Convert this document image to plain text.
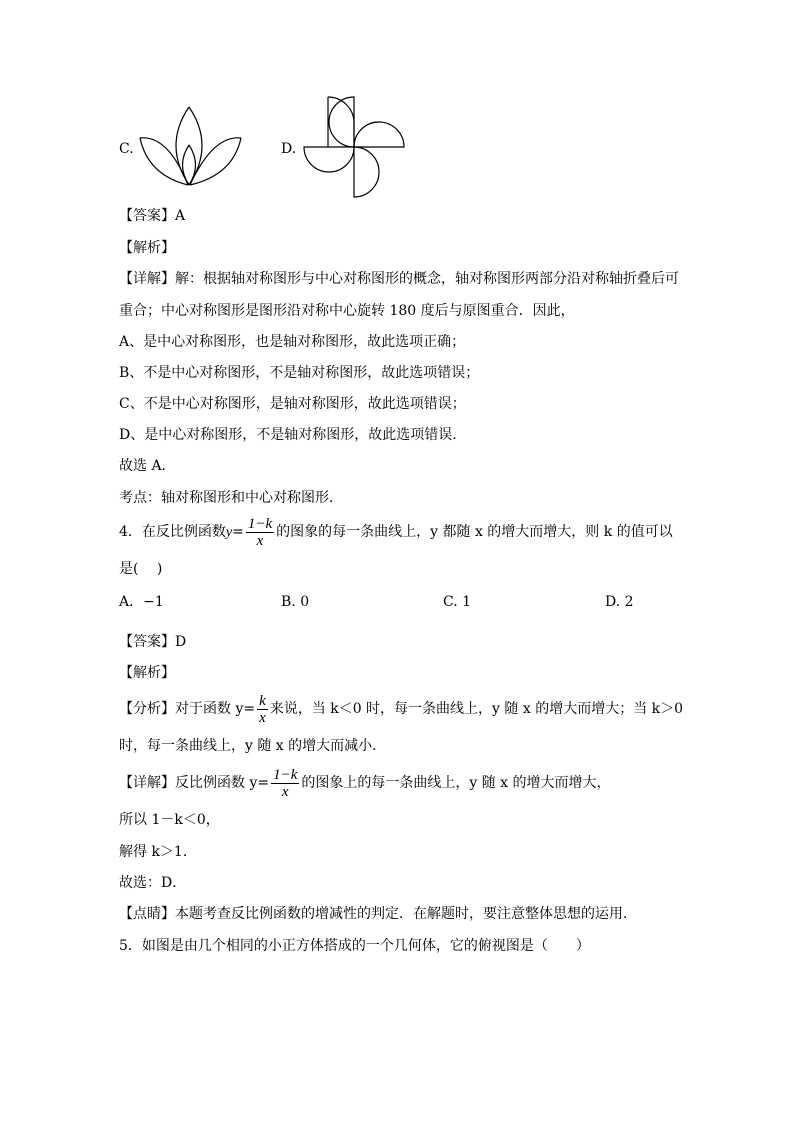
C.	D.
【答案】A
【解析】
【详解】解：根据轴对称图形与中心对称图形的概念，轴对称图形两部分沿对称轴折叠后可
重合；中心对称图形是图形沿对称中心旋转 180 度后与原图重合．因此，
A、是中心对称图形，也是轴对称图形，故此选项正确；
B、不是中心对称图形，不是轴对称图形，故此选项错误；
C、不是中心对称图形，是轴对称图形，故此选项错误；
D、是中心对称图形，不是轴对称图形，故此选项错误．
故选 A．
考点：轴对称图形和中心对称图形．
4．在反比例函数$y= \frac{1-k}{x}$ 的图象的每一条曲线上，y 都随 x 的增大而增大，则 k 的值可以
是(　 )
A．−1	B. 0	C. 1	D. 2
【答案】D
【解析】
【分析】对于函数 $y= \frac{k}{x}$ 来说，当 k＜0 时，每一条曲线上，y 随 x 的增大而增大；当 k＞0
时，每一条曲线上，y 随 x 的增大而减小．
【详解】反比例函数 $y= \frac{1-k}{x}$ 的图象上的每一条曲线上，y 随 x 的增大而增大，
所以 1－k＜0，
解得 k＞1．
故选：D．
【点睛】本题考查反比例函数的增减性的判定．在解题时，要注意整体思想的运用．
5．如图是由几个相同的小正方体搭成的一个几何体，它的俯视图是（　　）
